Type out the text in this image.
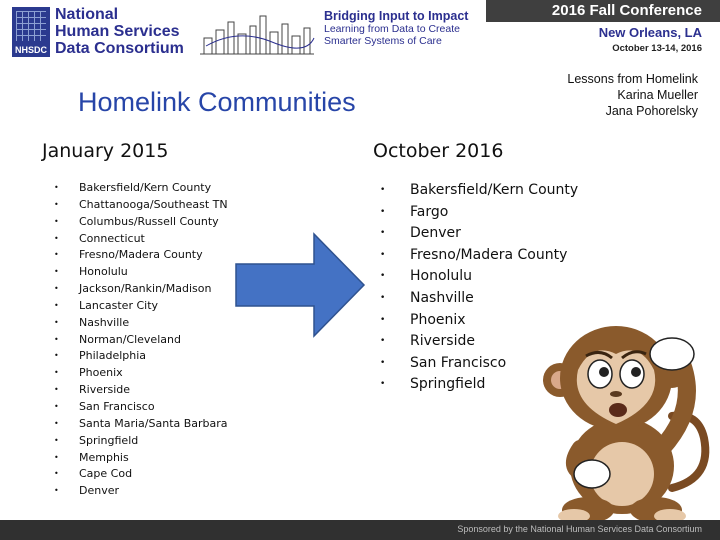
NHSDC
National
Human Services
Data Consortium
Bridging Input to Impact
Learning from Data to Create
Smarter Systems of Care
2016 Fall Conference
New Orleans, LA
October 13-14, 2016
Homelink Communities
Lessons from Homelink
Karina Mueller
Jana Pohorelsky
January 2015	October 2016
• Bakersfield/Kern County
• Chattanooga/Southeast TN
• Columbus/Russell County
• Connecticut
• Fresno/Madera County
• Honolulu
• Jackson/Rankin/Madison
• Lancaster City
• Nashville
• Norman/Cleveland
• Philadelphia
• Phoenix
• Riverside
• San Francisco
• Santa Maria/Santa Barbara
• Springfield
• Memphis
• Cape Cod
• Denver
• Bakersfield/Kern County
• Fargo
• Denver
• Fresno/Madera County
• Honolulu
• Nashville
• Phoenix
• Riverside
• San Francisco
• Springfield
Sponsored by the National Human Services Data Consortium
